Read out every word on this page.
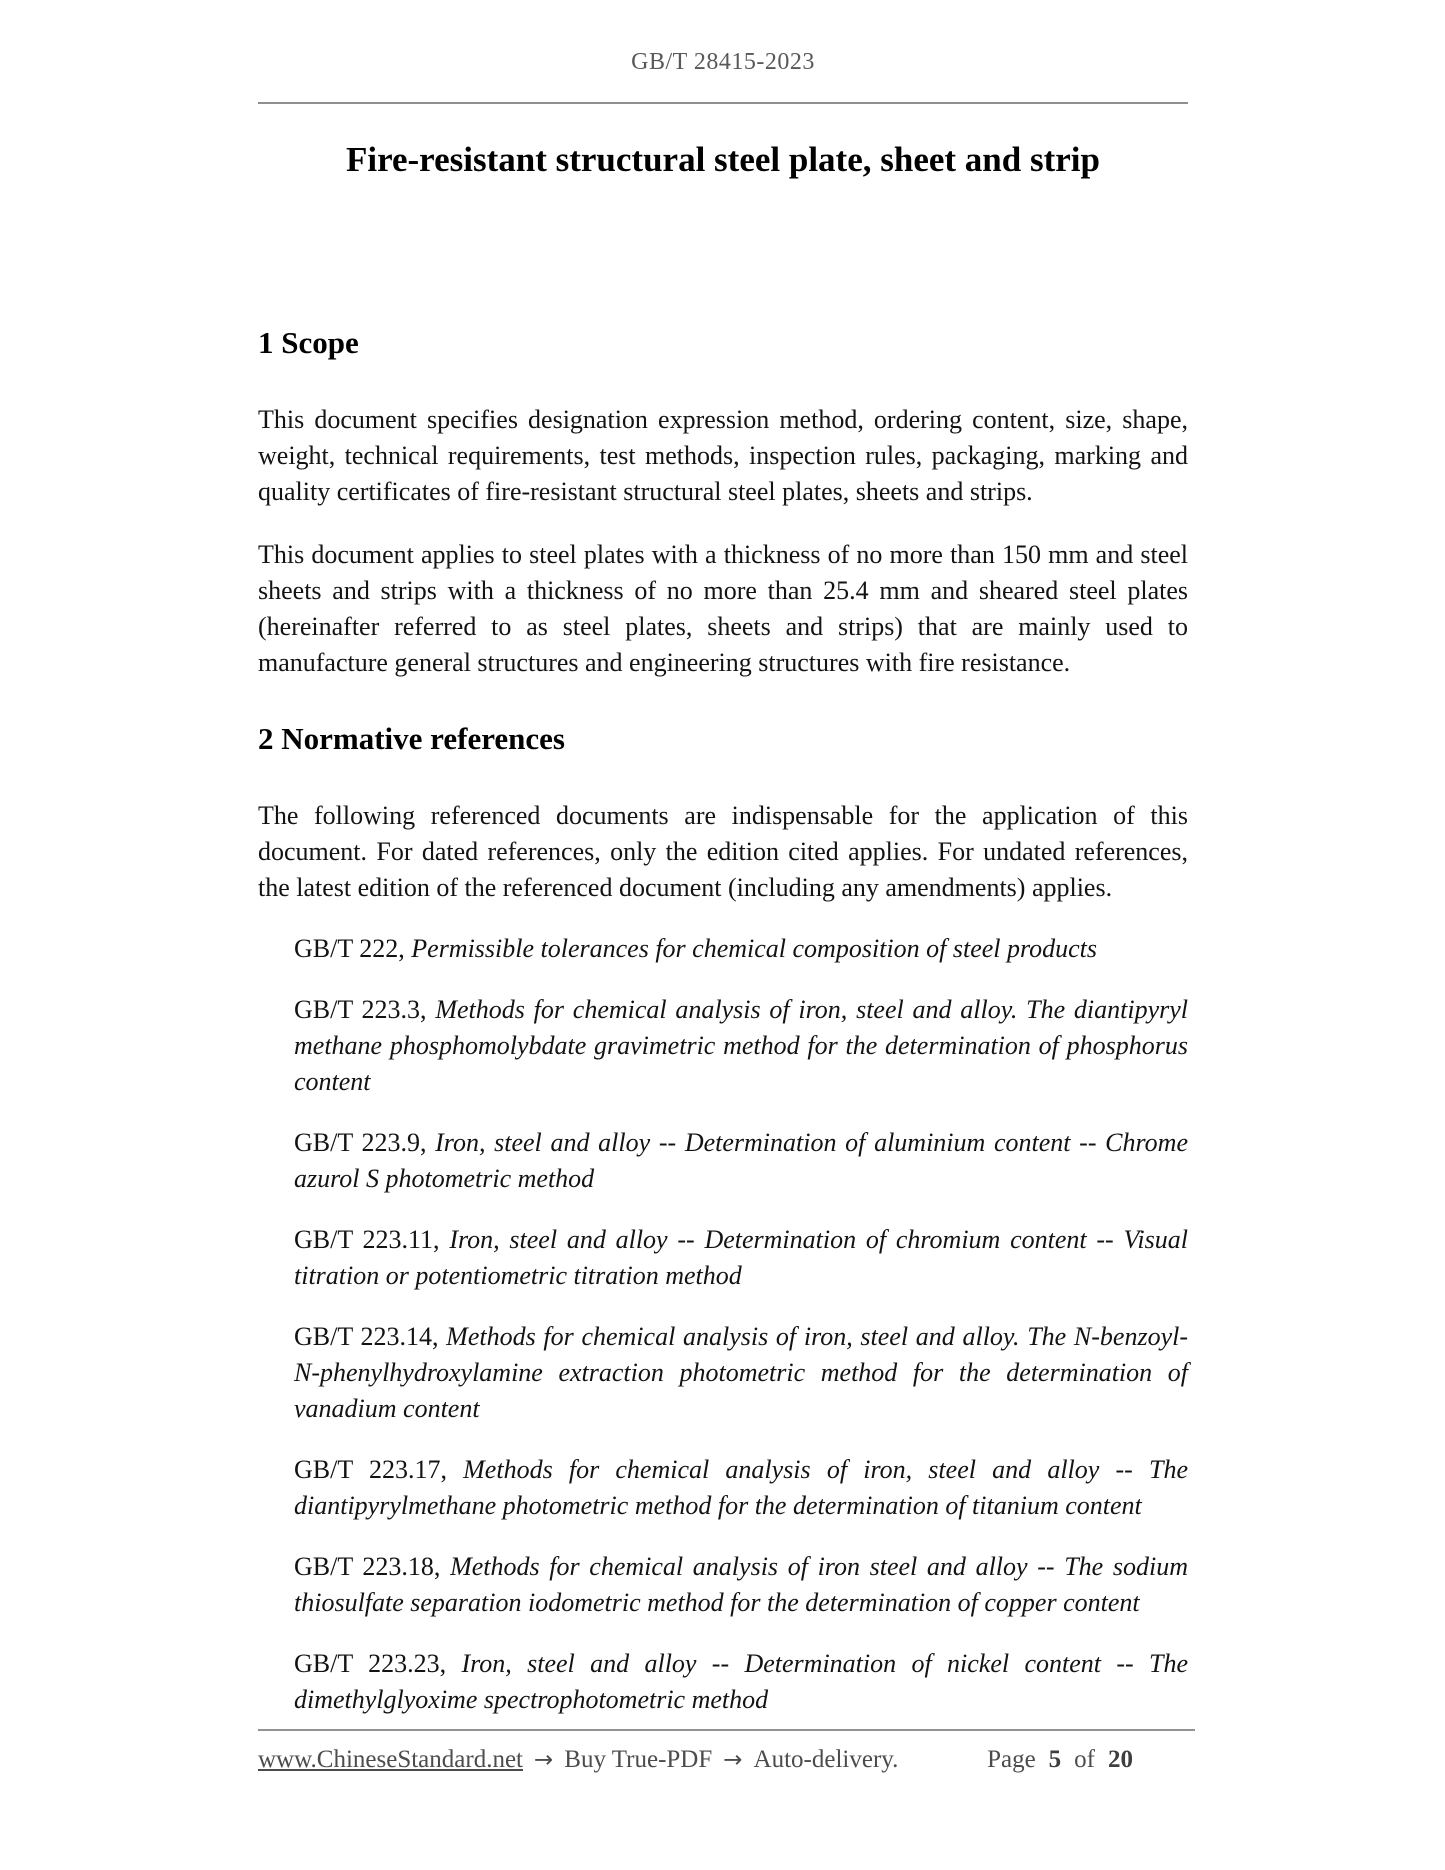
GB/T 28415-2023
Fire-resistant structural steel plate, sheet and strip
1 Scope

This document specifies designation expression method, ordering content, size, shape, weight, technical requirements, test methods, inspection rules, packaging, marking and quality certificates of fire-resistant structural steel plates, sheets and strips.

This document applies to steel plates with a thickness of no more than 150 mm and steel sheets and strips with a thickness of no more than 25.4 mm and sheared steel plates (hereinafter referred to as steel plates, sheets and strips) that are mainly used to manufacture general structures and engineering structures with fire resistance.

2 Normative references

The following referenced documents are indispensable for the application of this document. For dated references, only the edition cited applies. For undated references, the latest edition of the referenced document (including any amendments) applies.

GB/T 222, Permissible tolerances for chemical composition of steel products

GB/T 223.3, Methods for chemical analysis of iron, steel and alloy. The diantipyryl methane phosphomolybdate gravimetric method for the determination of phosphorus content

GB/T 223.9, Iron, steel and alloy -- Determination of aluminium content -- Chrome azurol S photometric method

GB/T 223.11, Iron, steel and alloy -- Determination of chromium content -- Visual titration or potentiometric titration method

GB/T 223.14, Methods for chemical analysis of iron, steel and alloy. The N-benzoyl-N-phenylhydroxylamine extraction photometric method for the determination of vanadium content

GB/T 223.17, Methods for chemical analysis of iron, steel and alloy -- The diantipyrylmethane photometric method for the determination of titanium content

GB/T 223.18, Methods for chemical analysis of iron steel and alloy -- The sodium thiosulfate separation iodometric method for the determination of copper content

GB/T 223.23, Iron, steel and alloy -- Determination of nickel content -- The dimethylglyoxime spectrophotometric method

www.ChineseStandard.net → Buy True-PDF → Auto-delivery.	Page 5 of 20
